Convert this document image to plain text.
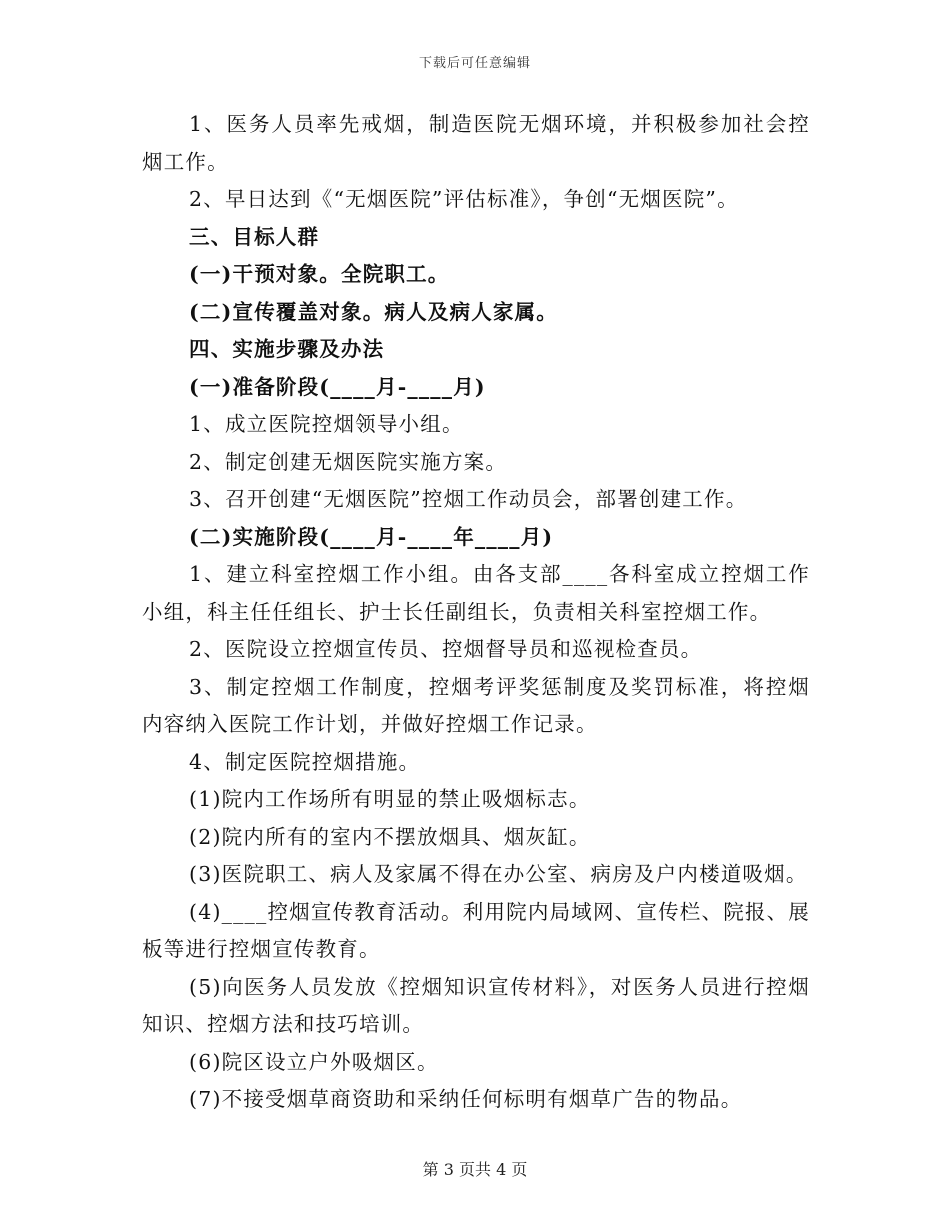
下载后可任意编辑

1、医务人员率先戒烟，制造医院无烟环境，并积极参加社会控烟工作。

2、早日达到《“无烟医院”评估标准》，争创“无烟医院”。

三、目标人群

(一)干预对象。全院职工。

(二)宣传覆盖对象。病人及病人家属。

四、实施步骤及办法

(一)准备阶段(____月-____月)

1、成立医院控烟领导小组。

2、制定创建无烟医院实施方案。

3、召开创建“无烟医院”控烟工作动员会，部署创建工作。

(二)实施阶段(____月-____年____月)

1、建立科室控烟工作小组。由各支部____各科室成立控烟工作小组，科主任任组长、护士长任副组长，负责相关科室控烟工作。

2、医院设立控烟宣传员、控烟督导员和巡视检查员。

3、制定控烟工作制度，控烟考评奖惩制度及奖罚标准，将控烟内容纳入医院工作计划，并做好控烟工作记录。

4、制定医院控烟措施。

(1)院内工作场所有明显的禁止吸烟标志。

(2)院内所有的室内不摆放烟具、烟灰缸。

(3)医院职工、病人及家属不得在办公室、病房及户内楼道吸烟。

(4)____控烟宣传教育活动。利用院内局域网、宣传栏、院报、展板等进行控烟宣传教育。

(5)向医务人员发放《控烟知识宣传材料》，对医务人员进行控烟知识、控烟方法和技巧培训。

(6)院区设立户外吸烟区。

(7)不接受烟草商资助和采纳任何标明有烟草广告的物品。

第 3 页共 4 页
